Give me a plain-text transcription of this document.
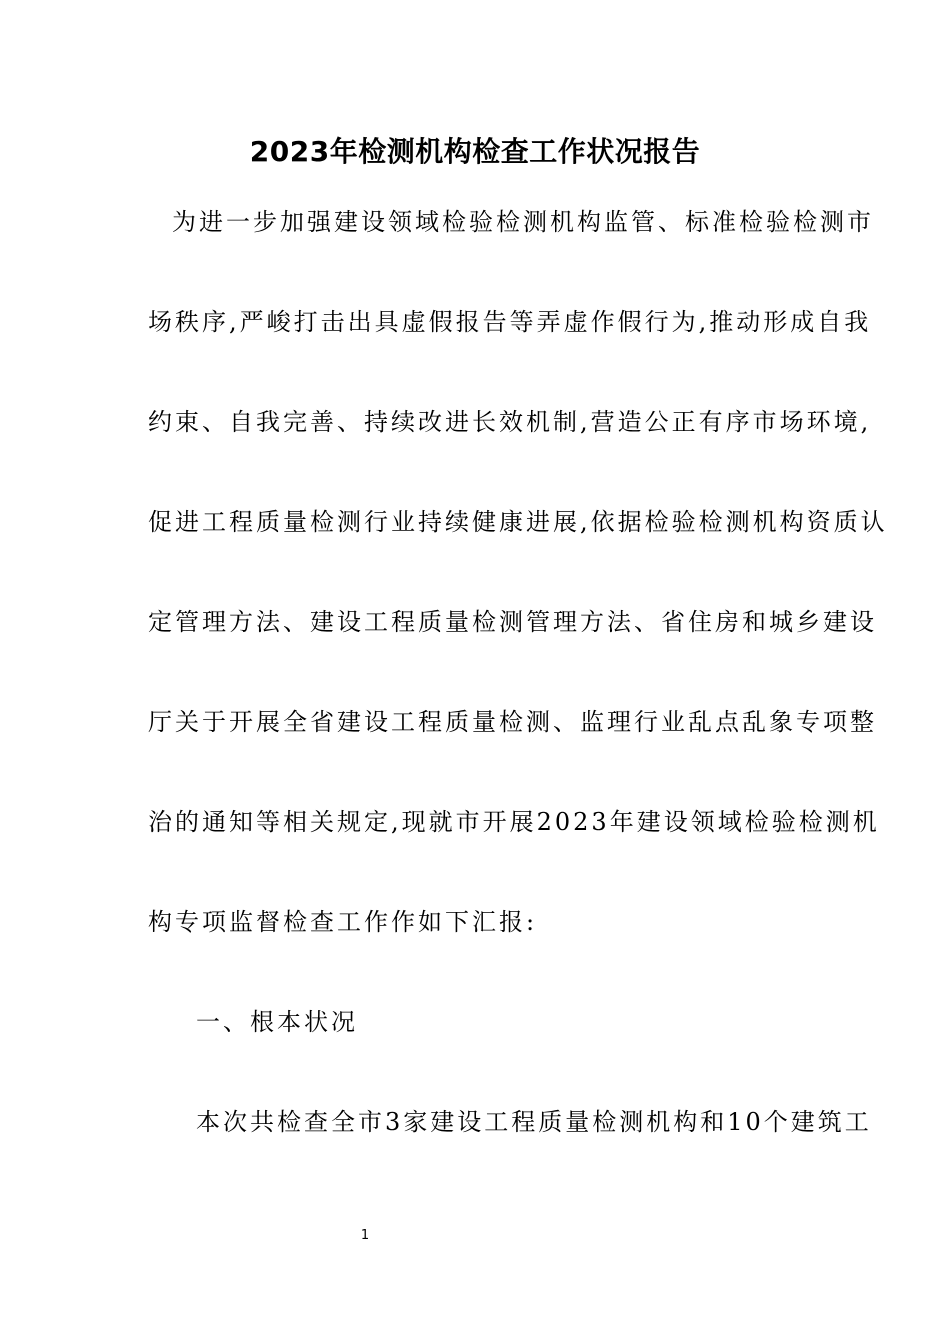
2023年检测机构检查工作状况报告

为进一步加强建设领域检验检测机构监管、标准检验检测市

场秩序,严峻打击出具虚假报告等弄虚作假行为,推动形成自我

约束、自我完善、持续改进长效机制,营造公正有序市场环境,

促进工程质量检测行业持续健康进展,依据检验检测机构资质认

定管理方法、建设工程质量检测管理方法、省住房和城乡建设

厅关于开展全省建设工程质量检测、监理行业乱点乱象专项整

治的通知等相关规定,现就市开展2023年建设领域检验检测机

构专项监督检查工作作如下汇报:

一、根本状况

本次共检查全市3家建设工程质量检测机构和10个建筑工

1
